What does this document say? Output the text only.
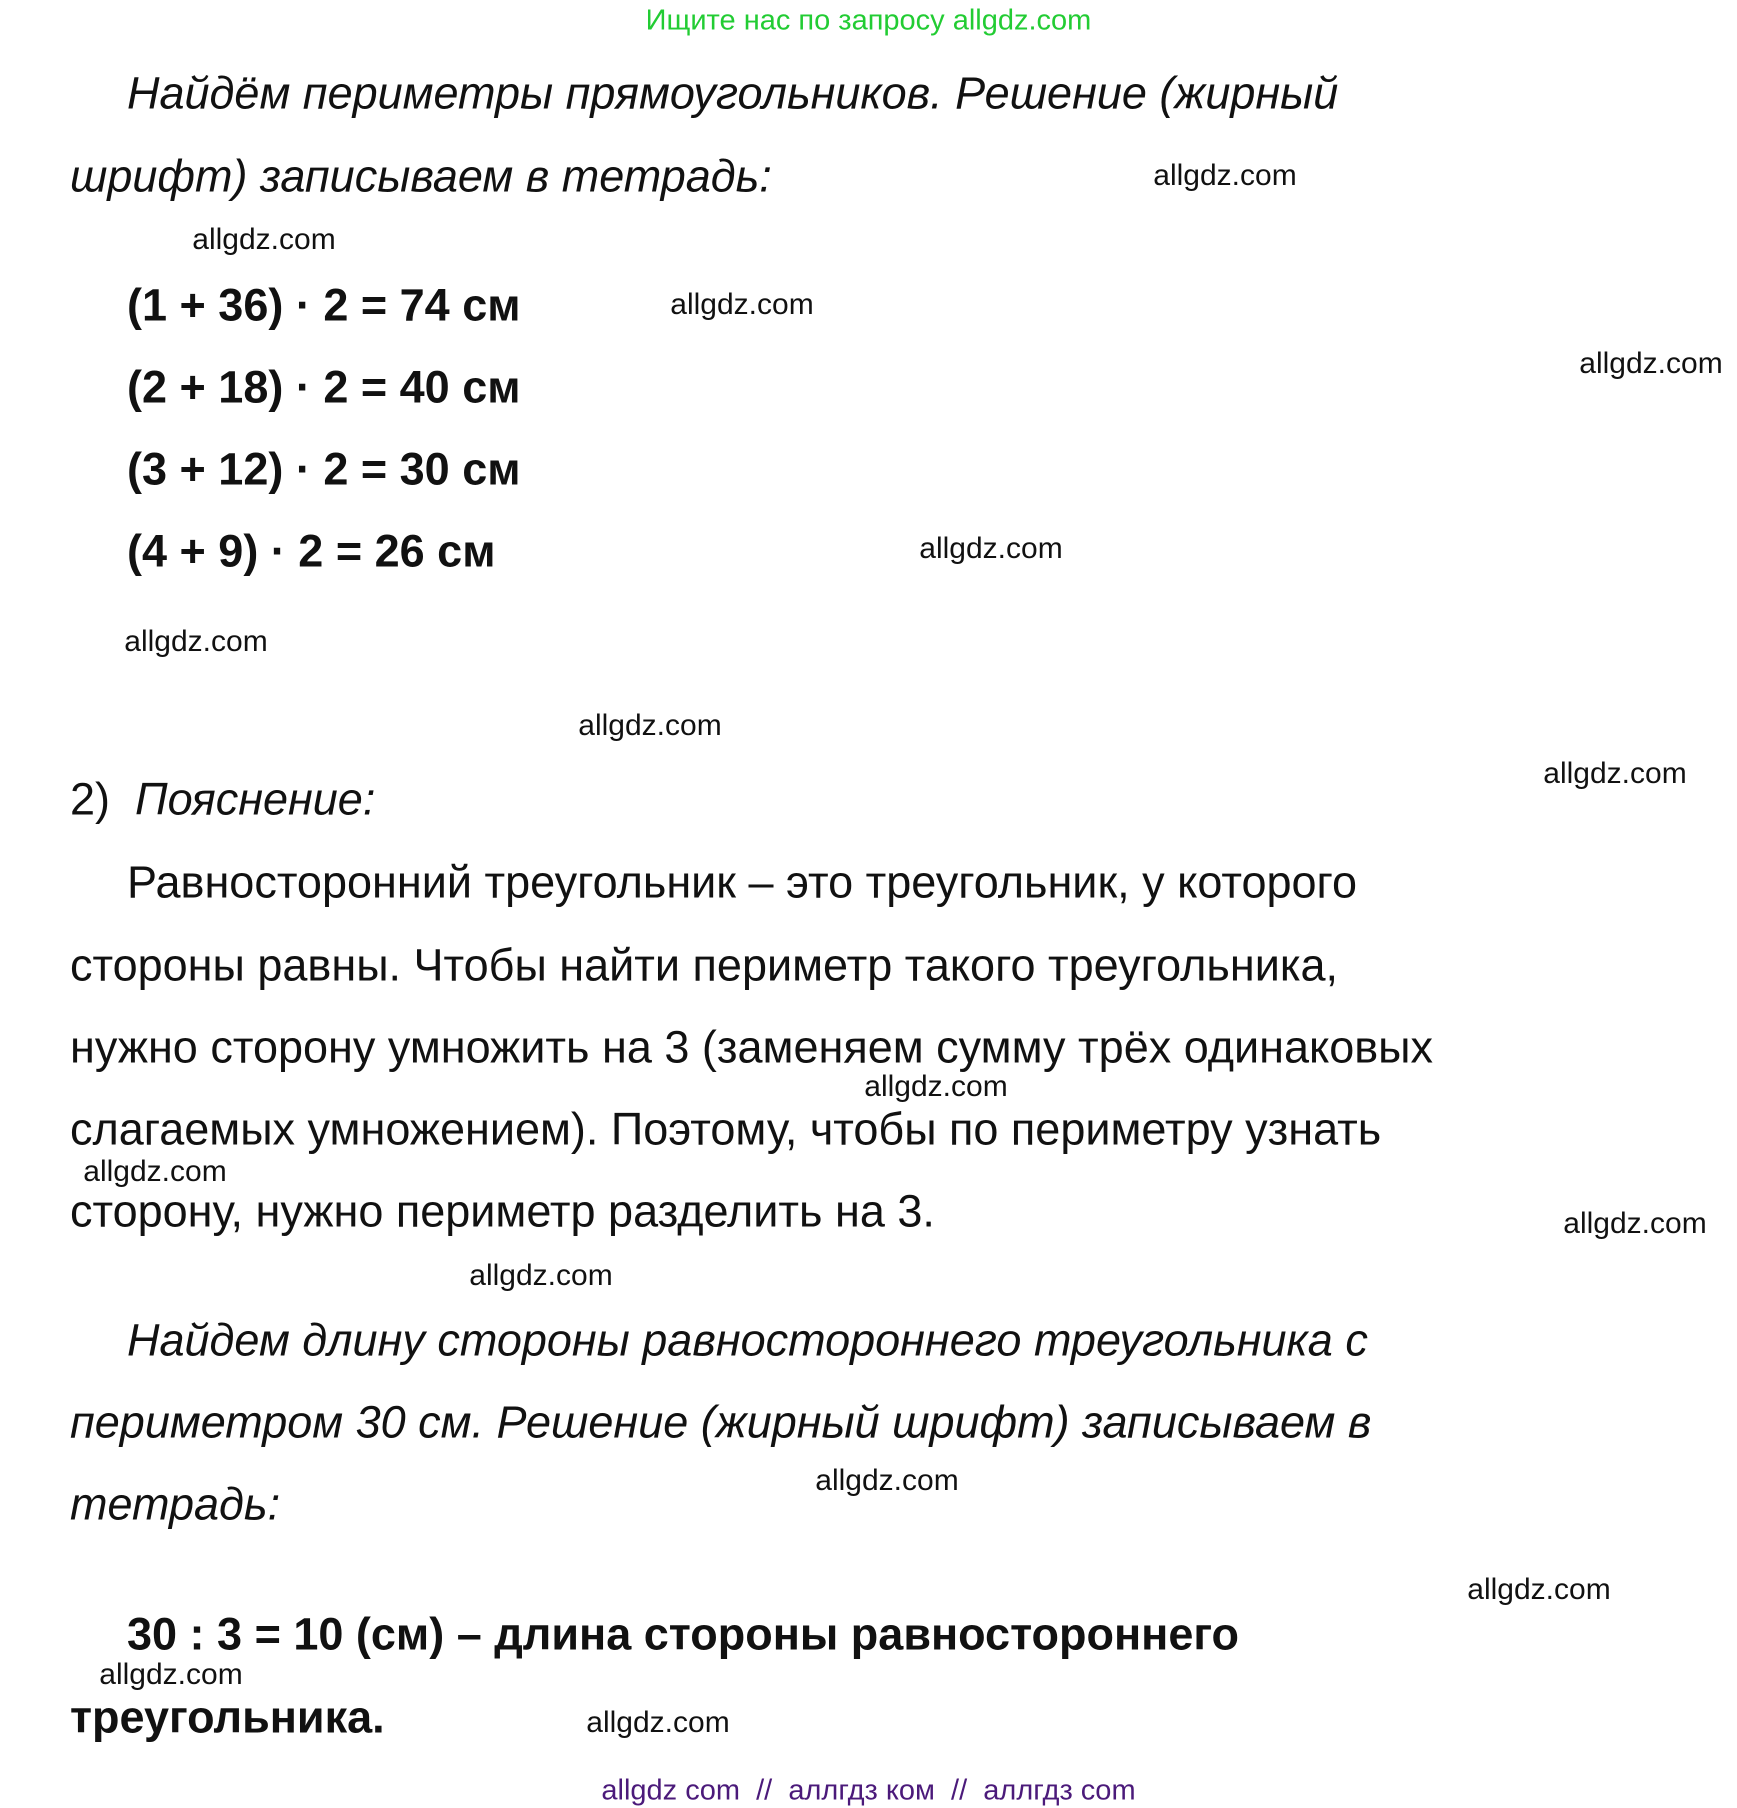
Ищите нас по запросу allgdz.com
Найдём периметры прямоугольников. Решение (жирный
шрифт) записываем в тетрадь:
(1 + 36) · 2 = 74 см
(2 + 18) · 2 = 40 см
(3 + 12) · 2 = 30 см
(4 + 9) · 2 = 26 см
2) Пояснение:
Равносторонний треугольник – это треугольник, у которого
стороны равны. Чтобы найти периметр такого треугольника,
нужно сторону умножить на 3 (заменяем сумму трёх одинаковых
слагаемых умножением). Поэтому, чтобы по периметру узнать
сторону, нужно периметр разделить на 3.
Найдем длину стороны равностороннего треугольника с
периметром 30 см. Решение (жирный шрифт) записываем в
тетрадь:
30 : 3 = 10 (см) – длина стороны равностороннего
треугольника.
allgdz.com
allgdz.com
allgdz.com
allgdz.com
allgdz.com
allgdz.com
allgdz.com
allgdz.com
allgdz.com
allgdz.com
allgdz.com
allgdz.com
allgdz.com
allgdz.com
allgdz.com
allgdz.com
allgdz com  //  аллгдз ком  //  аллгдз com
